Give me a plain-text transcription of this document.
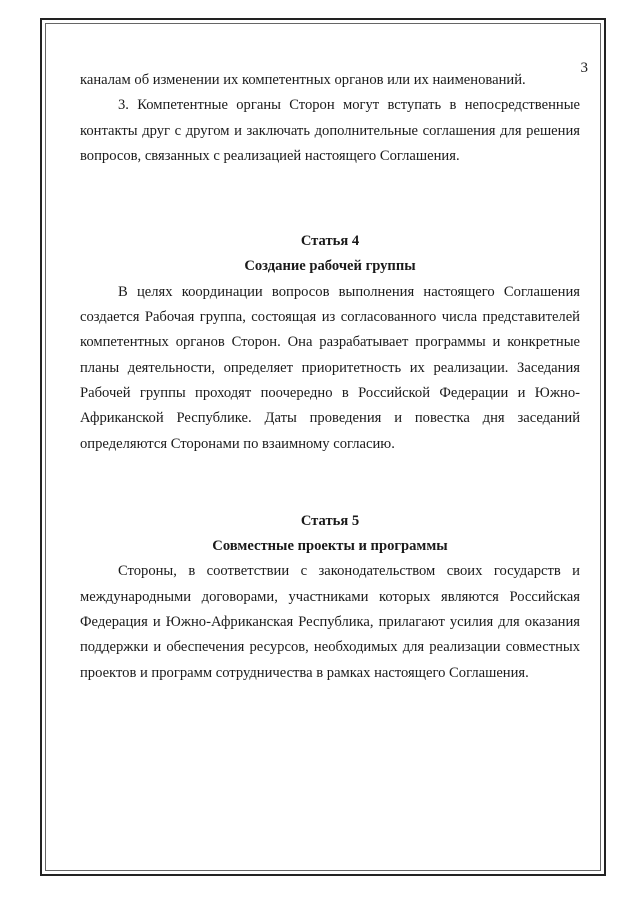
3

каналам об изменении их компетентных органов или их наименований.

3. Компетентные органы Сторон могут вступать в непосредственные контакты друг с другом и заключать дополнительные соглашения для решения вопросов, связанных с реализацией настоящего Соглашения.

Статья 4
Создание рабочей группы

В целях координации вопросов выполнения настоящего Соглашения создается Рабочая группа, состоящая из согласованного числа представителей компетентных органов Сторон. Она разрабатывает программы и конкретные планы деятельности, определяет приоритетность их реализации. Заседания Рабочей группы проходят поочередно в Российской Федерации и Южно-Африканской Республике. Даты проведения и повестка дня заседаний определяются Сторонами по взаимному согласию.

Статья 5
Совместные проекты и программы

Стороны, в соответствии с законодательством своих государств и международными договорами, участниками которых являются Российская Федерация и Южно-Африканская Республика, прилагают усилия для оказания поддержки и обеспечения ресурсов, необходимых для реализации совместных проектов и программ сотрудничества в рамках настоящего Соглашения.
